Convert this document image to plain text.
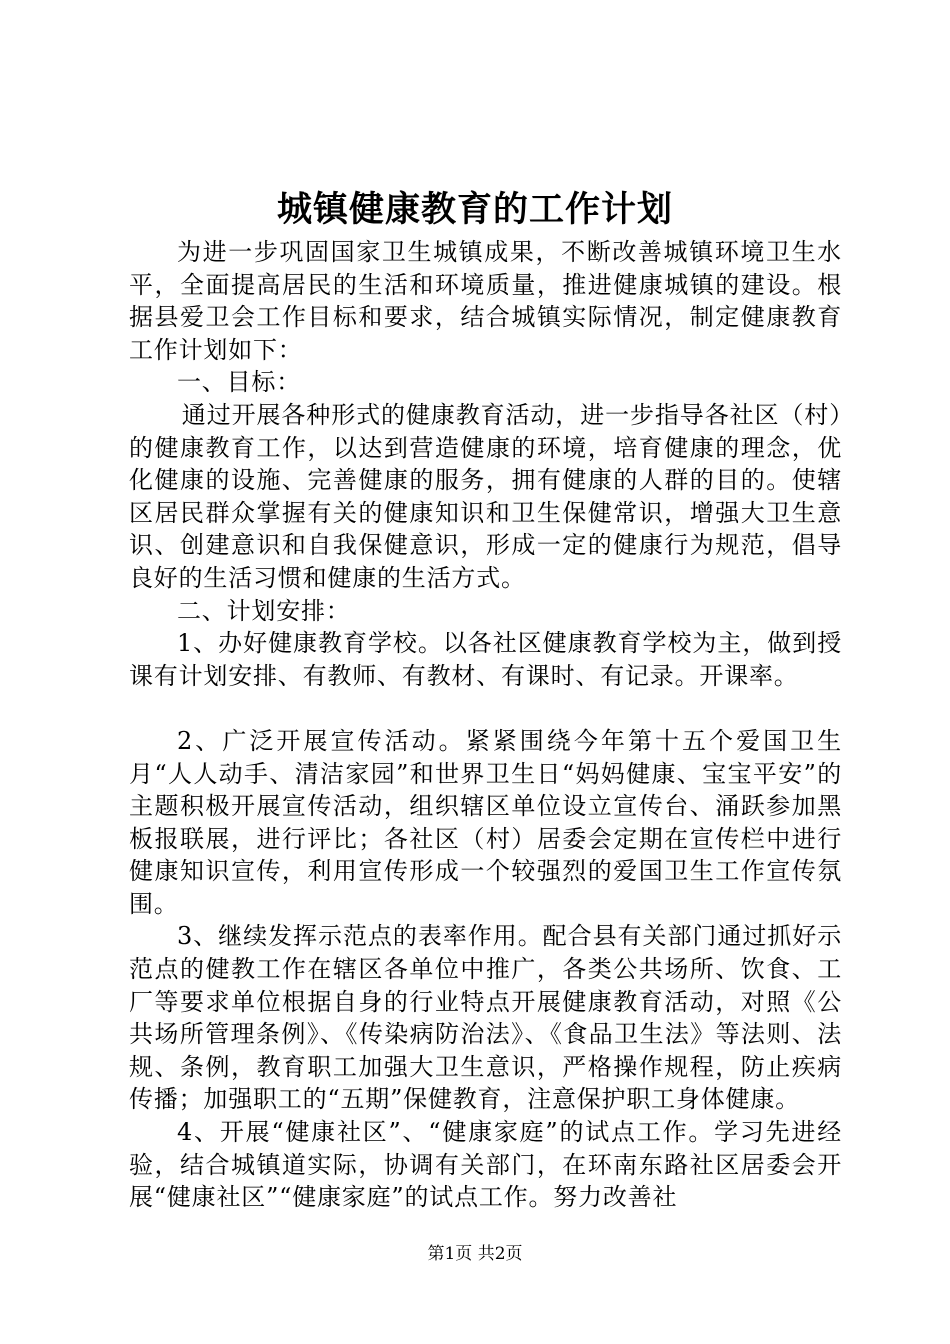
城镇健康教育的工作计划

为进一步巩固国家卫生城镇成果，不断改善城镇环境卫生水平，全面提高居民的生活和环境质量，推进健康城镇的建设。根据县爱卫会工作目标和要求，结合城镇实际情况，制定健康教育工作计划如下：

一、目标：

通过开展各种形式的健康教育活动，进一步指导各社区（村）的健康教育工作，以达到营造健康的环境，培育健康的理念，优化健康的设施、完善健康的服务，拥有健康的人群的目的。使辖区居民群众掌握有关的健康知识和卫生保健常识，增强大卫生意识、创建意识和自我保健意识，形成一定的健康行为规范，倡导良好的生活习惯和健康的生活方式。

二、计划安排：

1、办好健康教育学校。以各社区健康教育学校为主，做到授课有计划安排、有教师、有教材、有课时、有记录。开课率。

2、广泛开展宣传活动。紧紧围绕今年第十五个爱国卫生月“人人动手、清洁家园”和世界卫生日“妈妈健康、宝宝平安”的主题积极开展宣传活动，组织辖区单位设立宣传台、涌跃参加黑板报联展，进行评比；各社区（村）居委会定期在宣传栏中进行健康知识宣传，利用宣传形成一个较强烈的爱国卫生工作宣传氛围。

3、继续发挥示范点的表率作用。配合县有关部门通过抓好示范点的健教工作在辖区各单位中推广，各类公共场所、饮食、工厂等要求单位根据自身的行业特点开展健康教育活动，对照《公共场所管理条例》、《传染病防治法》、《食品卫生法》等法则、法规、条例，教育职工加强大卫生意识，严格操作规程，防止疾病传播；加强职工的“五期”保健教育，注意保护职工身体健康。

4、开展“健康社区”、“健康家庭”的试点工作。学习先进经验，结合城镇道实际，协调有关部门，在环南东路社区居委会开展“健康社区”“健康家庭”的试点工作。努力改善社

第1页 共2页
